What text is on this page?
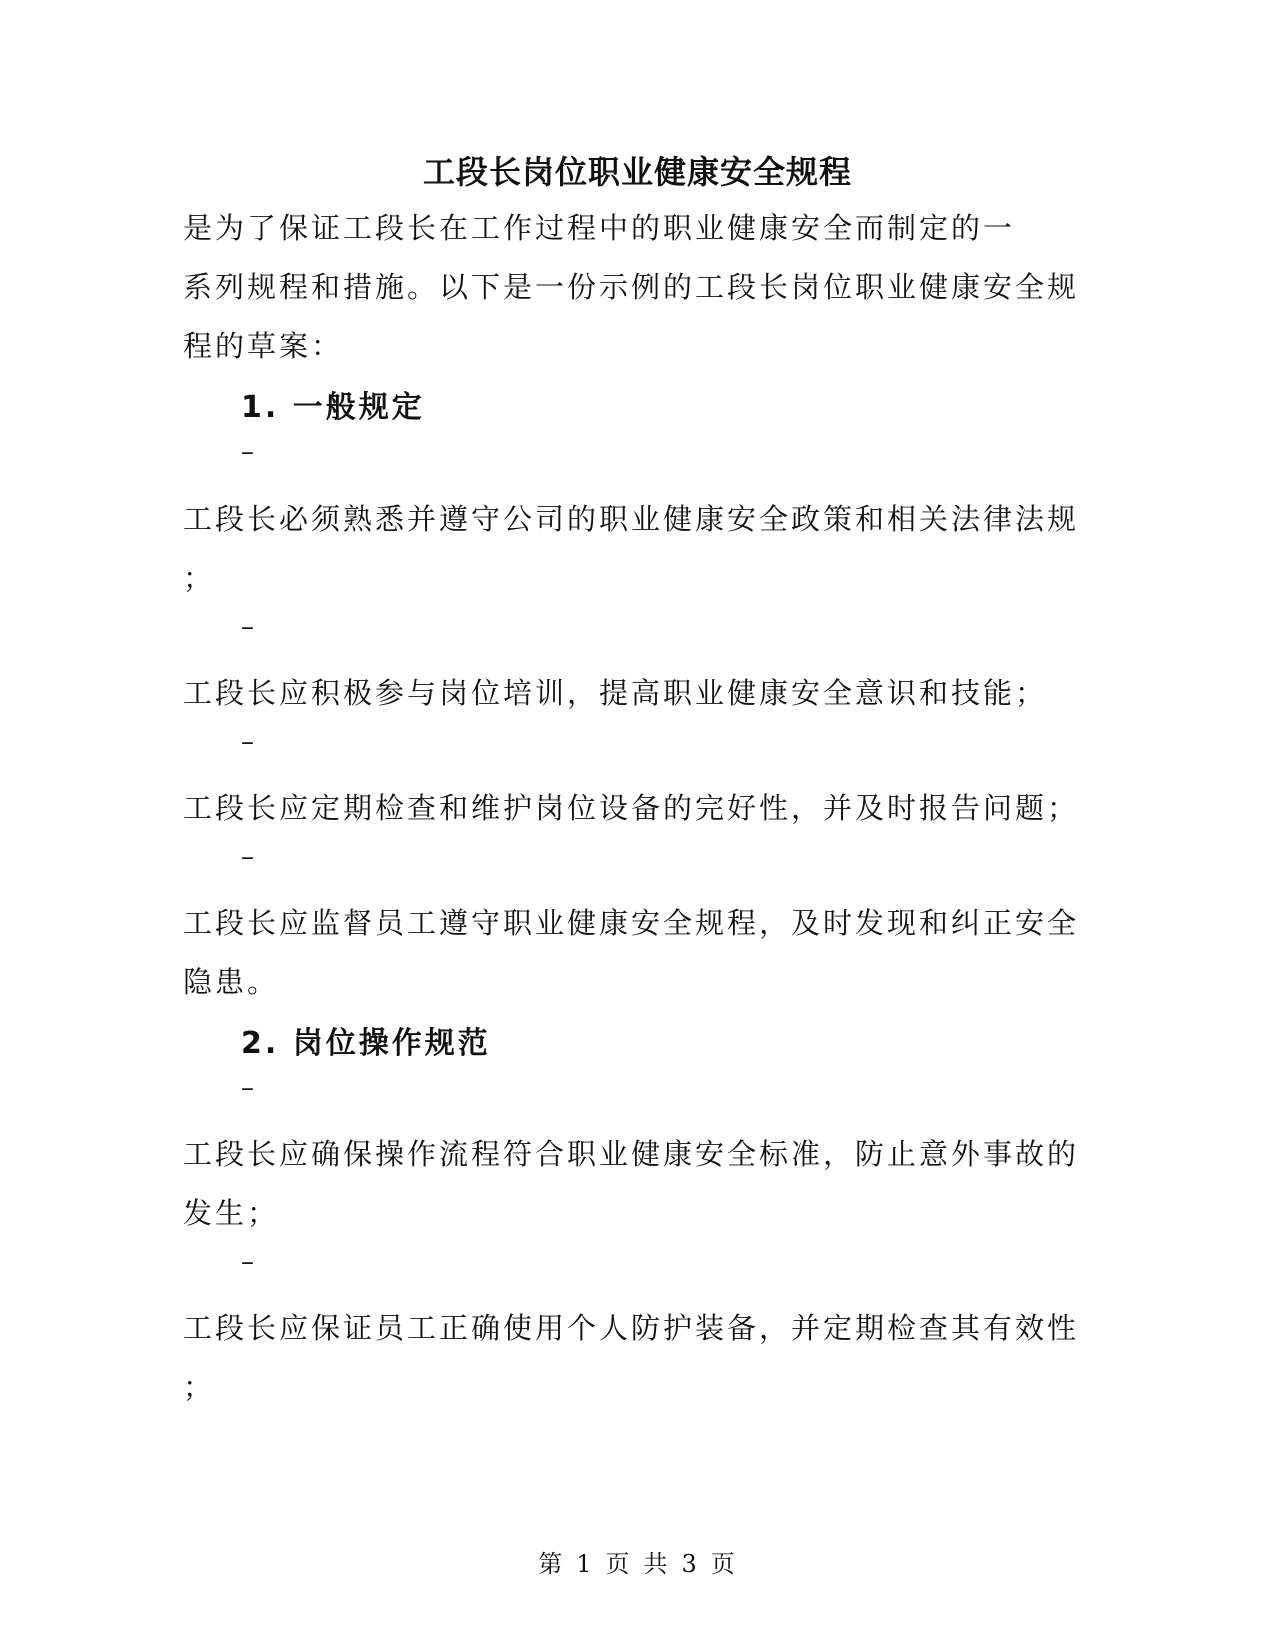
工段长岗位职业健康安全规程
是为了保证工段长在工作过程中的职业健康安全而制定的一
系列规程和措施。以下是一份示例的工段长岗位职业健康安全规
程的草案：
1. 一般规定
–
工段长必须熟悉并遵守公司的职业健康安全政策和相关法律法规
；
–
工段长应积极参与岗位培训，提高职业健康安全意识和技能；
–
工段长应定期检查和维护岗位设备的完好性，并及时报告问题；
–
工段长应监督员工遵守职业健康安全规程，及时发现和纠正安全
隐患。
2. 岗位操作规范
–
工段长应确保操作流程符合职业健康安全标准，防止意外事故的
发生；
–
工段长应保证员工正确使用个人防护装备，并定期检查其有效性
；
第 1 页 共 3 页
